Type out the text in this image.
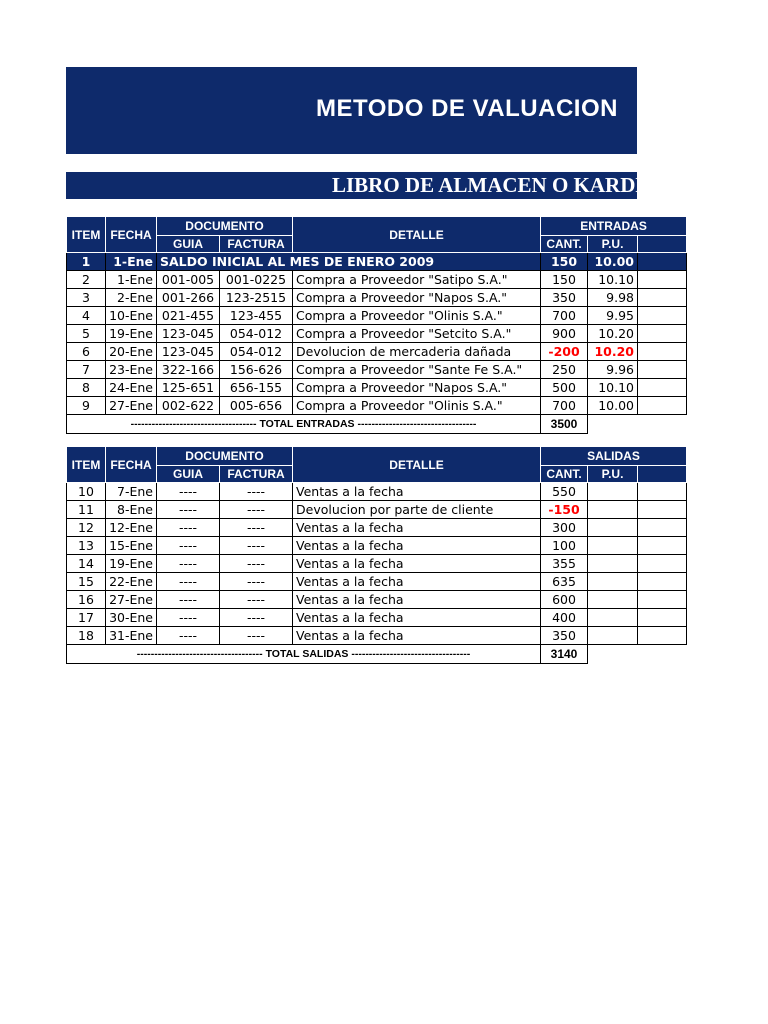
METODO DE VALUACION
LIBRO DE ALMACEN O KARDEX
ITEM	FECHA	DOCUMENTO		DETALLE	ENTRADAS		
		GUIA	FACTURA		CANT.	P.U.	
1	1-Ene	SALDO INICIAL AL MES DE ENERO 2009			150	10.00	
2	1-Ene	001-005	001-0225	Compra a Proveedor "Satipo S.A."	150	10.10	
3	2-Ene	001-266	123-2515	Compra a Proveedor "Napos S.A."	350	9.98	
4	10-Ene	021-455	123-455	Compra a Proveedor "Olinis S.A."	700	9.95	
5	19-Ene	123-045	054-012	Compra a Proveedor "Setcito S.A."	900	10.20	
6	20-Ene	123-045	054-012	Devolucion de mercaderia dañada	-200	10.20	
7	23-Ene	322-166	156-626	Compra a Proveedor "Sante Fe S.A."	250	9.96	
8	24-Ene	125-651	656-155	Compra a Proveedor "Napos S.A."	500	10.10	
9	27-Ene	002-622	005-656	Compra a Proveedor "Olinis S.A."	700	10.00	
------------------------------------ TOTAL ENTRADAS ----------------------------------					3500		
ITEM	FECHA	DOCUMENTO		DETALLE	SALIDAS		
		GUIA	FACTURA		CANT.	P.U.	
10	7-Ene	----	----	Ventas a la fecha	550		
11	8-Ene	----	----	Devolucion por parte de cliente	-150		
12	12-Ene	----	----	Ventas a la fecha	300		
13	15-Ene	----	----	Ventas a la fecha	100		
14	19-Ene	----	----	Ventas a la fecha	355		
15	22-Ene	----	----	Ventas a la fecha	635		
16	27-Ene	----	----	Ventas a la fecha	600		
17	30-Ene	----	----	Ventas a la fecha	400		
18	31-Ene	----	----	Ventas a la fecha	350		
------------------------------------ TOTAL SALIDAS ----------------------------------					3140		
